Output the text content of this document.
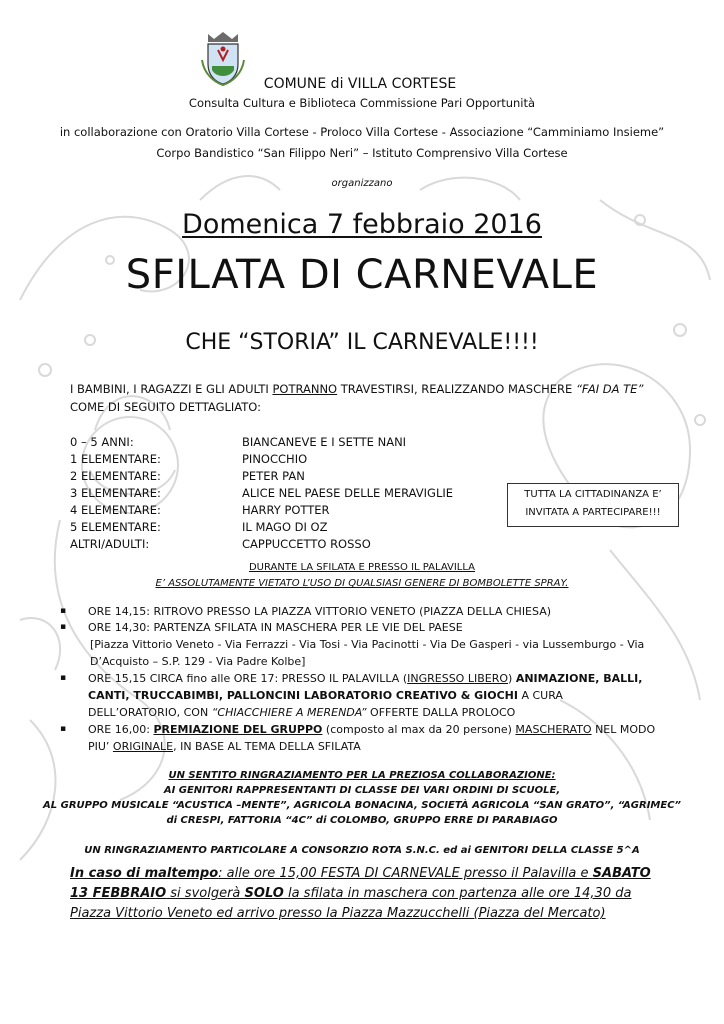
COMUNE di VILLA CORTESE
Consulta Cultura e Biblioteca Commissione Pari Opportunità
in collaborazione con Oratorio Villa Cortese - Proloco Villa Cortese - Associazione “Camminiamo Insieme”
Corpo Bandistico “San Filippo Neri” – Istituto Comprensivo Villa Cortese
organizzano
Domenica 7 febbraio 2016
SFILATA DI CARNEVALE
CHE “STORIA” IL CARNEVALE!!!!
I BAMBINI, I RAGAZZI E GLI ADULTI POTRANNO TRAVESTIRSI, REALIZZANDO MASCHERE “FAI DA TE”
COME DI SEGUITO DETTAGLIATO:
0 – 5 ANNI:	BIANCANEVE E I SETTE NANI
1 ELEMENTARE:	PINOCCHIO
2 ELEMENTARE:	PETER PAN
3 ELEMENTARE:	ALICE NEL PAESE DELLE MERAVIGLIE
4 ELEMENTARE:	HARRY POTTER
5 ELEMENTARE:	IL MAGO DI OZ
ALTRI/ADULTI:	CAPPUCCETTO ROSSO
TUTTA LA CITTADINANZA E’
INVITATA A PARTECIPARE!!!
DURANTE LA SFILATA E PRESSO IL PALAVILLA
E’ ASSOLUTAMENTE VIETATO L’USO DI QUALSIASI GENERE DI BOMBOLETTE SPRAY.
▪ ORE 14,15: RITROVO PRESSO LA PIAZZA VITTORIO VENETO (PIAZZA DELLA CHIESA)
▪ ORE 14,30: PARTENZA SFILATA IN MASCHERA PER LE VIE DEL PAESE
[Piazza Vittorio Veneto - Via Ferrazzi - Via Tosi - Via Pacinotti - Via De Gasperi - via Lussemburgo - Via D’Acquisto – S.P. 129 - Via Padre Kolbe]
▪ ORE 15,15 CIRCA fino alle ORE 17: PRESSO IL PALAVILLA (INGRESSO LIBERO) ANIMAZIONE, BALLI, CANTI, TRUCCABIMBI, PALLONCINI LABORATORIO CREATIVO & GIOCHI A CURA DELL’ORATORIO, CON “CHIACCHIERE A MERENDA” OFFERTE DALLA PROLOCO
▪ ORE 16,00: PREMIAZIONE DEL GRUPPO (composto al max da 20 persone) MASCHERATO NEL MODO PIU’ ORIGINALE, IN BASE AL TEMA DELLA SFILATA
UN SENTITO RINGRAZIAMENTO PER LA PREZIOSA COLLABORAZIONE:
AI GENITORI RAPPRESENTANTI DI CLASSE DEI VARI ORDINI DI SCUOLE,
AL GRUPPO MUSICALE “ACUSTICA –MENTE”, AGRICOLA BONACINA, SOCIETÀ AGRICOLA “SAN GRATO”, “AGRIMEC”
di CRESPI, FATTORIA “4C” di COLOMBO, GRUPPO ERRE DI PARABIAGO
UN RINGRAZIAMENTO PARTICOLARE A CONSORZIO ROTA S.N.C. ed ai GENITORI DELLA CLASSE 5^A
In caso di maltempo: alle ore 15,00 FESTA DI CARNEVALE presso il Palavilla e SABATO 13 FEBBRAIO si svolgerà SOLO la sfilata in maschera con partenza alle ore 14,30 da Piazza Vittorio Veneto ed arrivo presso la Piazza Mazzucchelli (Piazza del Mercato)
